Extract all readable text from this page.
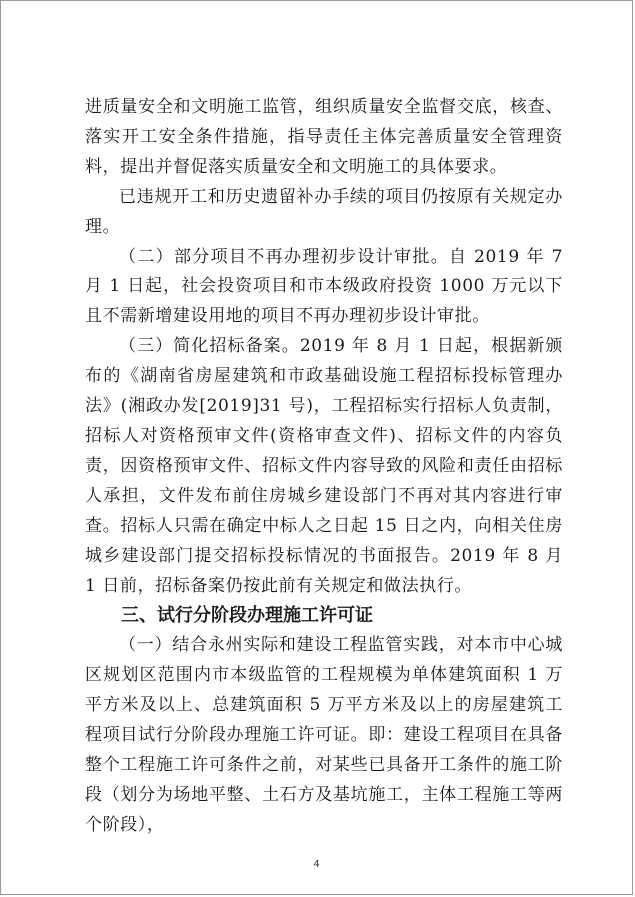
进质量安全和文明施工监管，组织质量安全监督交底，核查、落实开工安全条件措施，指导责任主体完善质量安全管理资料，提出并督促落实质量安全和文明施工的具体要求。

已违规开工和历史遗留补办手续的项目仍按原有关规定办理。

（二）部分项目不再办理初步设计审批。自 2019 年 7 月 1 日起，社会投资项目和市本级政府投资 1000 万元以下且不需新增建设用地的项目不再办理初步设计审批。

（三）简化招标备案。2019 年 8 月 1 日起，根据新颁布的《湖南省房屋建筑和市政基础设施工程招标投标管理办法》(湘政办发[2019]31 号)，工程招标实行招标人负责制，招标人对资格预审文件(资格审查文件)、招标文件的内容负责，因资格预审文件、招标文件内容导致的风险和责任由招标人承担，文件发布前住房城乡建设部门不再对其内容进行审查。招标人只需在确定中标人之日起 15 日之内，向相关住房城乡建设部门提交招标投标情况的书面报告。2019 年 8 月 1 日前，招标备案仍按此前有关规定和做法执行。

三、试行分阶段办理施工许可证

（一）结合永州实际和建设工程监管实践，对本市中心城区规划区范围内市本级监管的工程规模为单体建筑面积 1 万平方米及以上、总建筑面积 5 万平方米及以上的房屋建筑工程项目试行分阶段办理施工许可证。即：建设工程项目在具备整个工程施工许可条件之前，对某些已具备开工条件的施工阶段（划分为场地平整、土石方及基坑施工，主体工程施工等两个阶段），

4
